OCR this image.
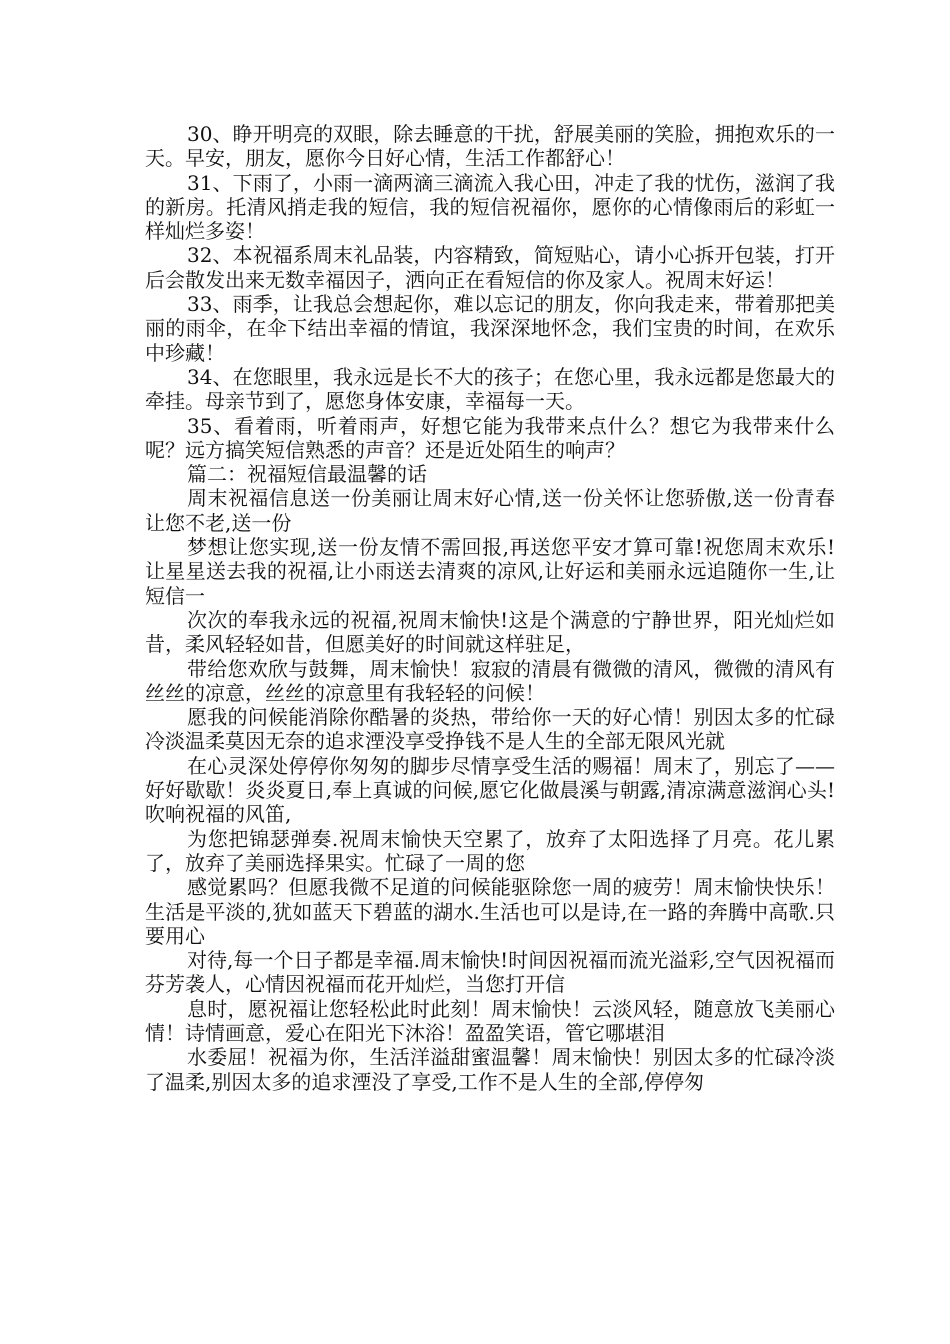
30、睁开明亮的双眼，除去睡意的干扰，舒展美丽的笑脸，拥抱欢乐的一天。早安，朋友，愿你今日好心情，生活工作都舒心！

31、下雨了，小雨一滴两滴三滴流入我心田，冲走了我的忧伤，滋润了我的新房。托清风捎走我的短信，我的短信祝福你，愿你的心情像雨后的彩虹一样灿烂多姿！

32、本祝福系周末礼品装，内容精致，简短贴心，请小心拆开包装，打开后会散发出来无数幸福因子，洒向正在看短信的你及家人。祝周末好运！

33、雨季，让我总会想起你，难以忘记的朋友，你向我走来，带着那把美丽的雨伞，在伞下结出幸福的情谊，我深深地怀念，我们宝贵的时间，在欢乐中珍藏！

34、在您眼里，我永远是长不大的孩子；在您心里，我永远都是您最大的牵挂。母亲节到了，愿您身体安康，幸福每一天。

35、看着雨，听着雨声，好想它能为我带来点什么？想它为我带来什么呢？远方搞笑短信熟悉的声音？还是近处陌生的响声？

篇二：祝福短信最温馨的话

周末祝福信息送一份美丽让周末好心情,送一份关怀让您骄傲,送一份青春让您不老,送一份

梦想让您实现,送一份友情不需回报,再送您平安才算可靠!祝您周末欢乐!让星星送去我的祝福,让小雨送去清爽的凉风,让好运和美丽永远追随你一生,让短信一

次次的奉我永远的祝福,祝周末愉快!这是个满意的宁静世界，阳光灿烂如昔，柔风轻轻如昔，但愿美好的时间就这样驻足，

带给您欢欣与鼓舞，周末愉快！寂寂的清晨有微微的清风，微微的清风有丝丝的凉意，丝丝的凉意里有我轻轻的问候！

愿我的问候能消除你酷暑的炎热，带给你一天的好心情！别因太多的忙碌冷淡温柔莫因无奈的追求湮没享受挣钱不是人生的全部无限风光就

在心灵深处停停你匆匆的脚步尽情享受生活的赐福！周末了，别忘了——好好歇歇！炎炎夏日,奉上真诚的问候,愿它化做晨溪与朝露,清凉满意滋润心头!吹响祝福的风笛,

为您把锦瑟弹奏.祝周末愉快天空累了，放弃了太阳选择了月亮。花儿累了，放弃了美丽选择果实。忙碌了一周的您

感觉累吗？但愿我微不足道的问候能驱除您一周的疲劳！周末愉快快乐！生活是平淡的,犹如蓝天下碧蓝的湖水.生活也可以是诗,在一路的奔腾中高歌.只要用心

对待,每一个日子都是幸福.周末愉快!时间因祝福而流光溢彩,空气因祝福而芬芳袭人，心情因祝福而花开灿烂，当您打开信

息时，愿祝福让您轻松此时此刻！周末愉快！云淡风轻，随意放飞美丽心情！诗情画意，爱心在阳光下沐浴！盈盈笑语，管它哪堪泪

水委屈！祝福为你，生活洋溢甜蜜温馨！周末愉快！别因太多的忙碌冷淡了温柔,别因太多的追求湮没了享受,工作不是人生的全部,停停匆
